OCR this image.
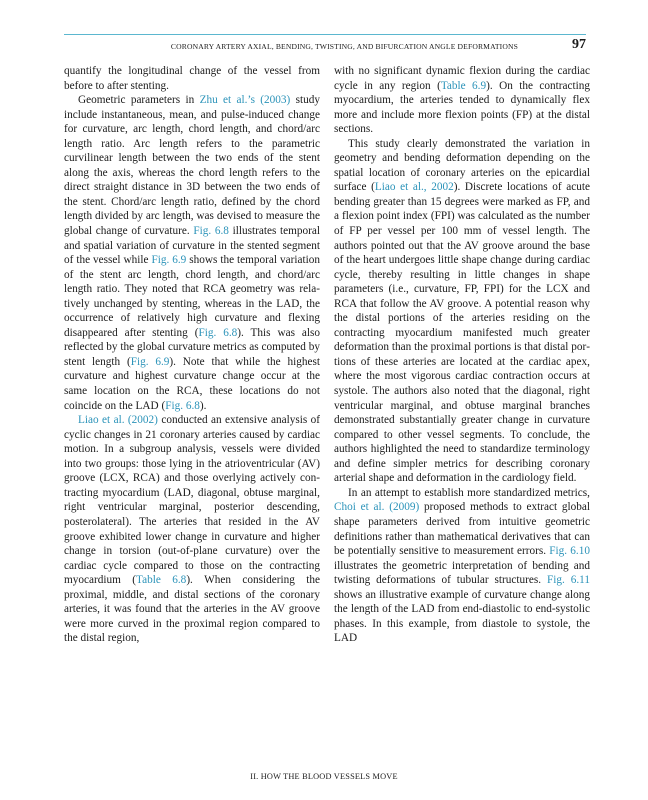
CORONARY ARTERY AXIAL, BENDING, TWISTING, AND BIFURCATION ANGLE DEFORMATIONS	97

quantify the longitudinal change of the vessel from before to after stenting.

Geometric parameters in Zhu et al.’s (2003) study include instantaneous, mean, and pulse-induced change for curvature, arc length, chord length, and chord/arc length ratio. Arc length refers to the parametric curvilinear length between the two ends of the stent along the axis, whereas the chord length refers to the direct straight distance in 3D between the two ends of the stent. Chord/arc length ratio, defined by the chord length divided by arc length, was devised to measure the global change of curvature. Fig. 6.8 illustrates temporal and spatial variation of curvature in the stented segment of the vessel while Fig. 6.9 shows the temporal variation of the stent arc length, chord length, and chord/arc length ratio. They noted that RCA geometry was relatively unchanged by stenting, whereas in the LAD, the occurrence of relatively high curvature and flexing disappeared after stenting (Fig. 6.8). This was also reflected by the global curvature metrics as computed by stent length (Fig. 6.9). Note that while the highest curvature and highest curvature change occur at the same location on the RCA, these locations do not coincide on the LAD (Fig. 6.8).

Liao et al. (2002) conducted an extensive analysis of cyclic changes in 21 coronary arteries caused by cardiac motion. In a subgroup analysis, vessels were divided into two groups: those lying in the atrioventricular (AV) groove (LCX, RCA) and those overlying actively contracting myocardium (LAD, diagonal, obtuse marginal, right ventricular marginal, posterior descending, posterolateral). The arteries that resided in the AV groove exhibited lower change in curvature and higher change in torsion (out-of-plane curvature) over the cardiac cycle compared to those on the contracting myocardium (Table 6.8). When considering the proximal, middle, and distal sections of the coronary arteries, it was found that the arteries in the AV groove were more curved in the proximal region compared to the distal region,

with no significant dynamic flexion during the cardiac cycle in any region (Table 6.9). On the contracting myocardium, the arteries tended to dynamically flex more and include more flexion points (FP) at the distal sections.

This study clearly demonstrated the variation in geometry and bending deformation depending on the spatial location of coronary arteries on the epicardial surface (Liao et al., 2002). Discrete locations of acute bending greater than 15 degrees were marked as FP, and a flexion point index (FPI) was calculated as the number of FP per vessel per 100 mm of vessel length. The authors pointed out that the AV groove around the base of the heart undergoes little shape change during cardiac cycle, thereby resulting in little changes in shape parameters (i.e., curvature, FP, FPI) for the LCX and RCA that follow the AV groove. A potential reason why the distal portions of the arteries residing on the contracting myocardium manifested much greater deformation than the proximal portions is that distal portions of these arteries are located at the cardiac apex, where the most vigorous cardiac contraction occurs at systole. The authors also noted that the diagonal, right ventricular marginal, and obtuse marginal branches demonstrated substantially greater change in curvature compared to other vessel segments. To conclude, the authors highlighted the need to standardize terminology and define simpler metrics for describing coronary arterial shape and deformation in the cardiology field.

In an attempt to establish more standardized metrics, Choi et al. (2009) proposed methods to extract global shape parameters derived from intuitive geometric definitions rather than mathematical derivatives that can be potentially sensitive to measurement errors. Fig. 6.10 illustrates the geometric interpretation of bending and twisting deformations of tubular structures. Fig. 6.11 shows an illustrative example of curvature change along the length of the LAD from end-diastolic to end-systolic phases. In this example, from diastole to systole, the LAD

II. HOW THE BLOOD VESSELS MOVE
